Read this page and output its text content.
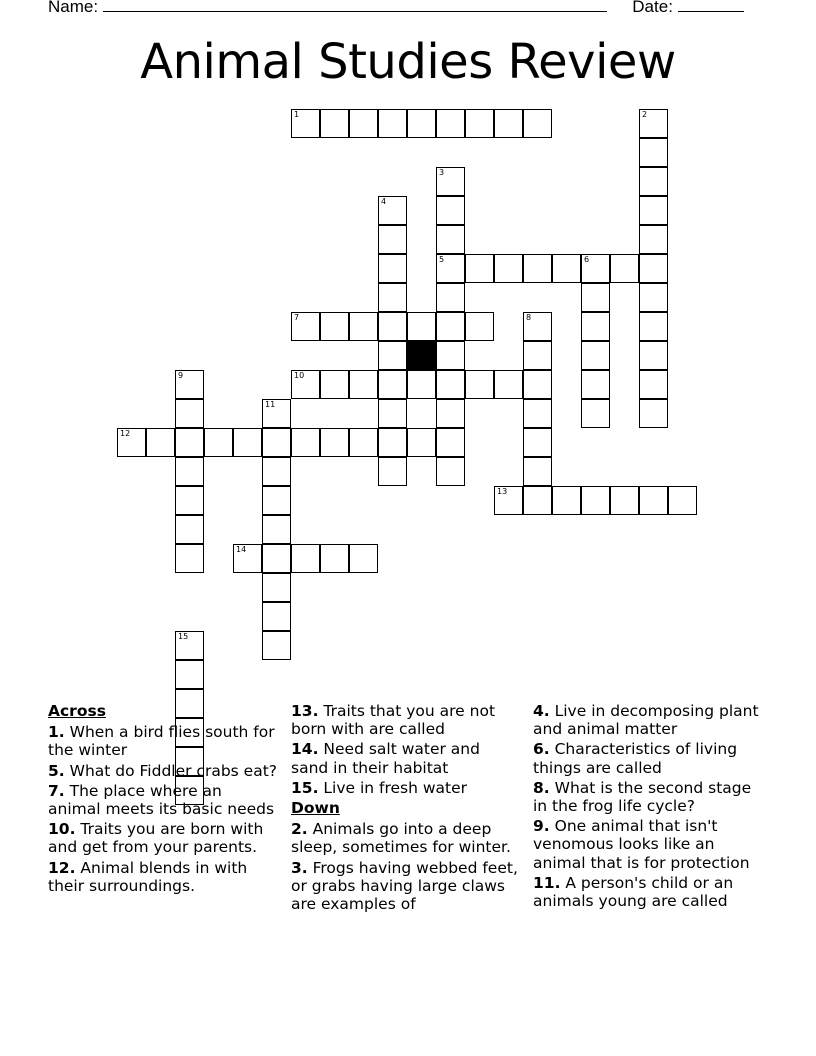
Name:	Date:
Animal Studies Review
1	2
3
5
4
6
7	8
9	10
11
12
13
14
15
Across
1. When a bird flies south for the winter
5. What do Fiddler crabs eat?
7. The place where an animal meets its basic needs
10. Traits you are born with and get from your parents.
12. Animal blends in with their surroundings.
13. Traits that you are not born with are called
14. Need salt water and sand in their habitat
15. Live in fresh water
Down
2. Animals go into a deep sleep, sometimes for winter.
3. Frogs having webbed feet, or grabs having large claws are examples of
4. Live in decomposing plant and animal matter
6. Characteristics of living things are called
8. What is the second stage in the frog life cycle?
9. One animal that isn't venomous looks like an animal that is for protection
11. A person's child or an animals young are called
